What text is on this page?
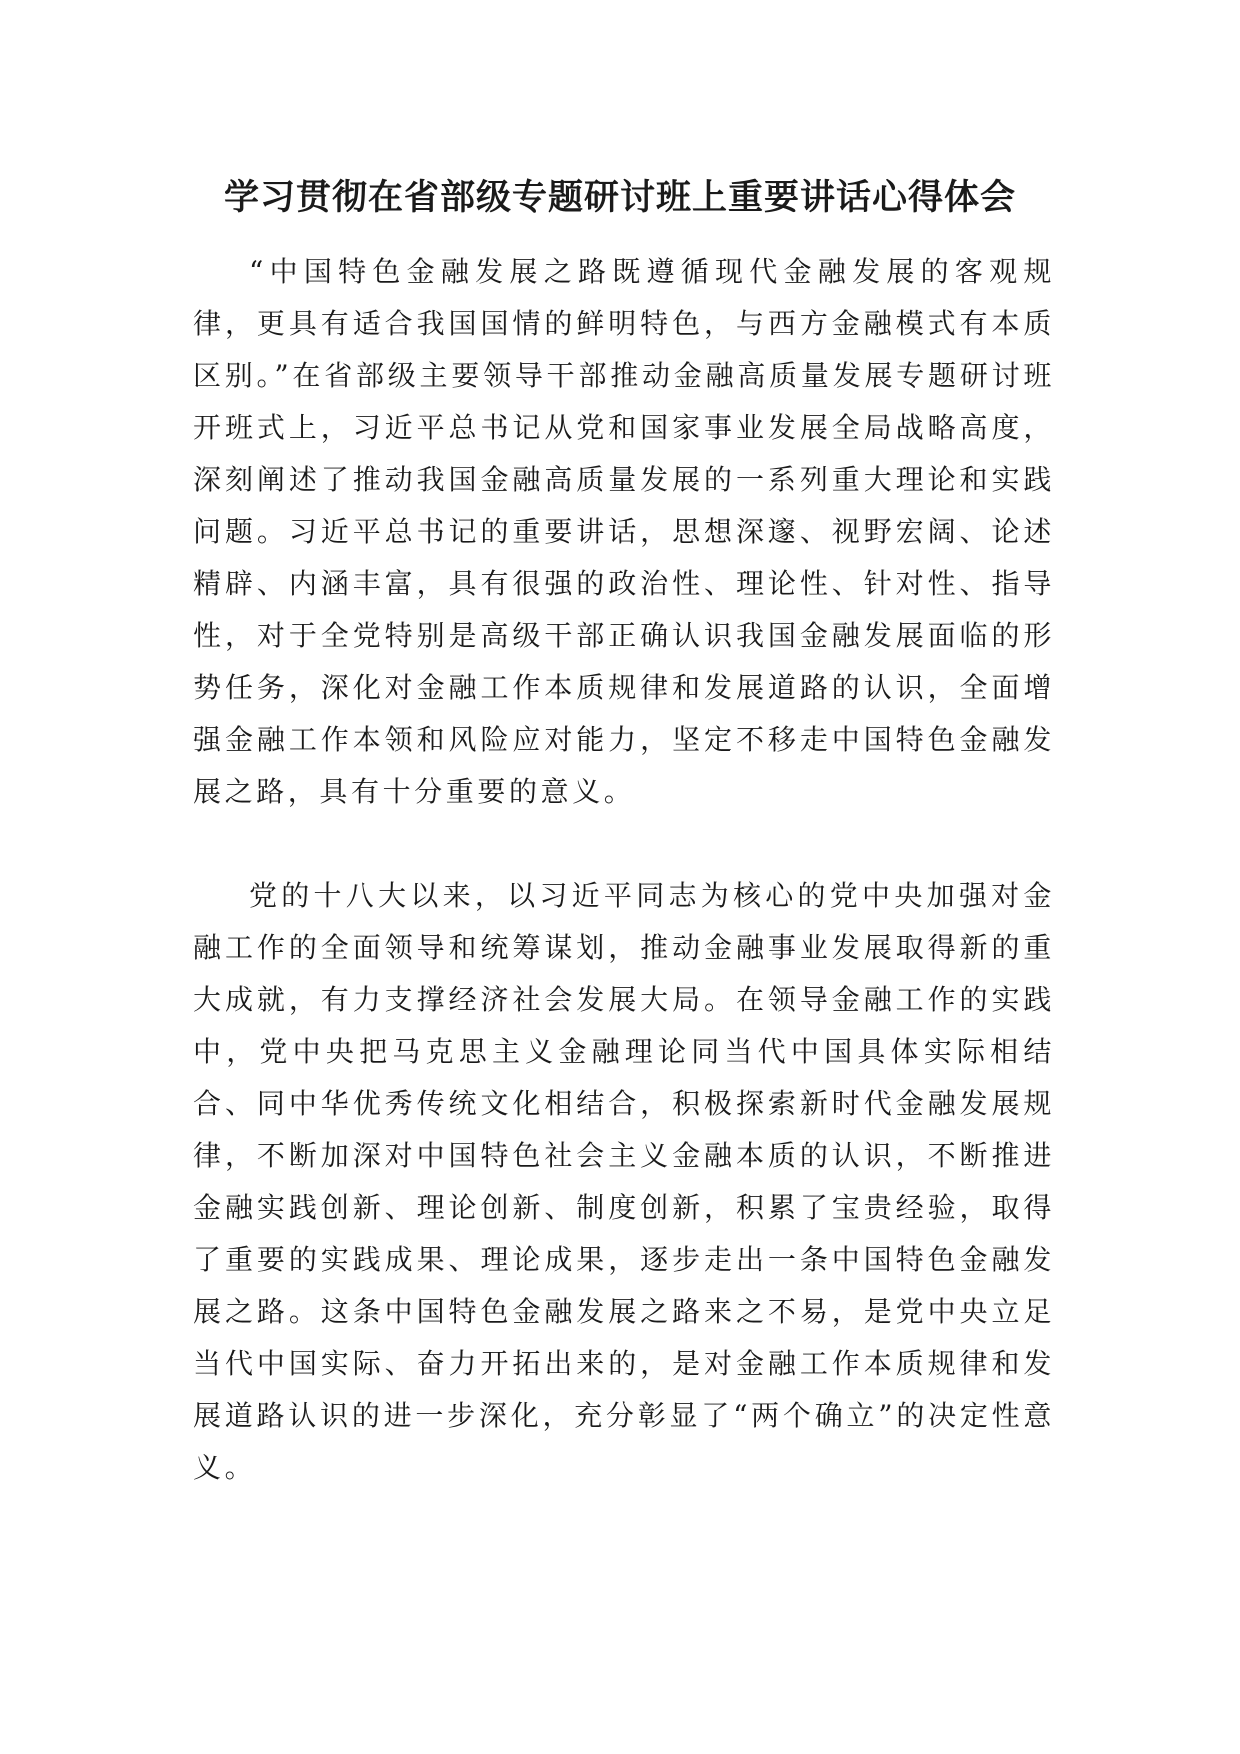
学习贯彻在省部级专题研讨班上重要讲话心得体会

“中国特色金融发展之路既遵循现代金融发展的客观规律，更具有适合我国国情的鲜明特色，与西方金融模式有本质区别。”在省部级主要领导干部推动金融高质量发展专题研讨班开班式上，习近平总书记从党和国家事业发展全局战略高度，深刻阐述了推动我国金融高质量发展的一系列重大理论和实践问题。习近平总书记的重要讲话，思想深邃、视野宏阔、论述精辟、内涵丰富，具有很强的政治性、理论性、针对性、指导性，对于全党特别是高级干部正确认识我国金融发展面临的形势任务，深化对金融工作本质规律和发展道路的认识，全面增强金融工作本领和风险应对能力，坚定不移走中国特色金融发展之路，具有十分重要的意义。

党的十八大以来，以习近平同志为核心的党中央加强对金融工作的全面领导和统筹谋划，推动金融事业发展取得新的重大成就，有力支撑经济社会发展大局。在领导金融工作的实践中，党中央把马克思主义金融理论同当代中国具体实际相结合、同中华优秀传统文化相结合，积极探索新时代金融发展规律，不断加深对中国特色社会主义金融本质的认识，不断推进金融实践创新、理论创新、制度创新，积累了宝贵经验，取得了重要的实践成果、理论成果，逐步走出一条中国特色金融发展之路。这条中国特色金融发展之路来之不易，是党中央立足当代中国实际、奋力开拓出来的，是对金融工作本质规律和发展道路认识的进一步深化，充分彰显了“两个确立”的决定性意义。
